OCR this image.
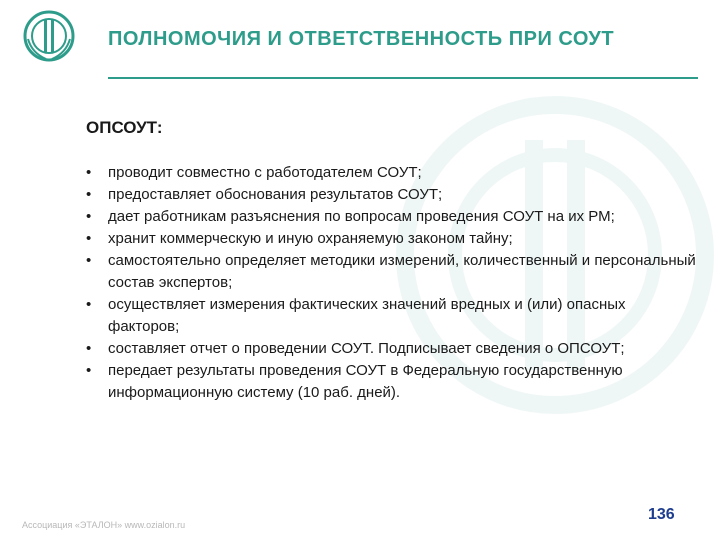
ПОЛНОМОЧИЯ И ОТВЕТСТВЕННОСТЬ ПРИ СОУТ
ОПСОУТ:
• проводит совместно с работодателем СОУТ;
• предоставляет обоснования результатов СОУТ;
• дает работникам разъяснения по вопросам проведения СОУТ на их РМ;
• хранит коммерческую и иную охраняемую законом тайну;
• самостоятельно определяет методики измерений, количественный и персональный состав экспертов;
• осуществляет измерения фактических значений вредных и (или) опасных факторов;
• составляет отчет о проведении СОУТ. Подписывает сведения о ОПСОУТ;
• передает результаты проведения СОУТ в Федеральную государственную информационную систему (10 раб. дней).
Ассоциация «ЭТАЛОН» www.ozialon.ru
136
